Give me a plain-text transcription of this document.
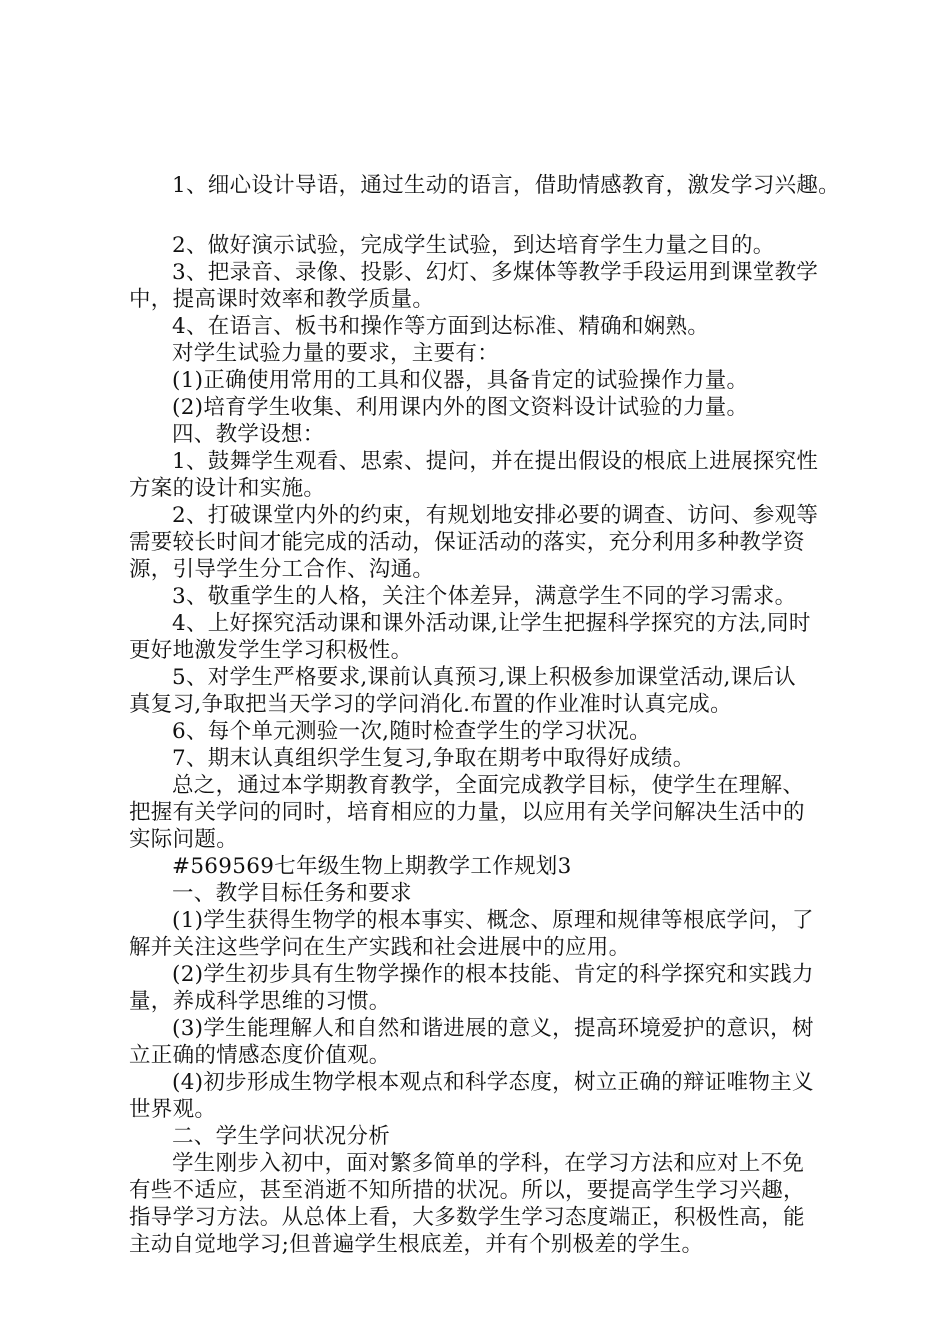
1、细心设计导语，通过生动的语言，借助情感教育，激发学习兴趣。
2、做好演示试验，完成学生试验，到达培育学生力量之目的。
3、把录音、录像、投影、幻灯、多煤体等教学手段运用到课堂教学
中，提高课时效率和教学质量。
4、在语言、板书和操作等方面到达标准、精确和娴熟。
对学生试验力量的要求，主要有：
(1)正确使用常用的工具和仪器，具备肯定的试验操作力量。
(2)培育学生收集、利用课内外的图文资料设计试验的力量。
四、教学设想：
1、鼓舞学生观看、思索、提问，并在提出假设的根底上进展探究性
方案的设计和实施。
2、打破课堂内外的约束，有规划地安排必要的调查、访问、参观等
需要较长时间才能完成的活动，保证活动的落实，充分利用多种教学资
源，引导学生分工合作、沟通。
3、敬重学生的人格，关注个体差异，满意学生不同的学习需求。
4、上好探究活动课和课外活动课,让学生把握科学探究的方法,同时
更好地激发学生学习积极性。
5、对学生严格要求,课前认真预习,课上积极参加课堂活动,课后认
真复习,争取把当天学习的学问消化.布置的作业准时认真完成。
6、每个单元测验一次,随时检查学生的学习状况。
7、期末认真组织学生复习,争取在期考中取得好成绩。
总之，通过本学期教育教学，全面完成教学目标，使学生在理解、
把握有关学问的同时，培育相应的力量，以应用有关学问解决生活中的
实际问题。
#569569七年级生物上期教学工作规划3
一、教学目标任务和要求
(1)学生获得生物学的根本事实、概念、原理和规律等根底学问，了
解并关注这些学问在生产实践和社会进展中的应用。
(2)学生初步具有生物学操作的根本技能、肯定的科学探究和实践力
量，养成科学思维的习惯。
(3)学生能理解人和自然和谐进展的意义，提高环境爱护的意识，树
立正确的情感态度价值观。
(4)初步形成生物学根本观点和科学态度，树立正确的辩证唯物主义
世界观。
二、学生学问状况分析
学生刚步入初中，面对繁多简单的学科，在学习方法和应对上不免
有些不适应，甚至消逝不知所措的状况。所以，要提高学生学习兴趣，
指导学习方法。从总体上看，大多数学生学习态度端正，积极性高，能
主动自觉地学习;但普遍学生根底差，并有个别极差的学生。
